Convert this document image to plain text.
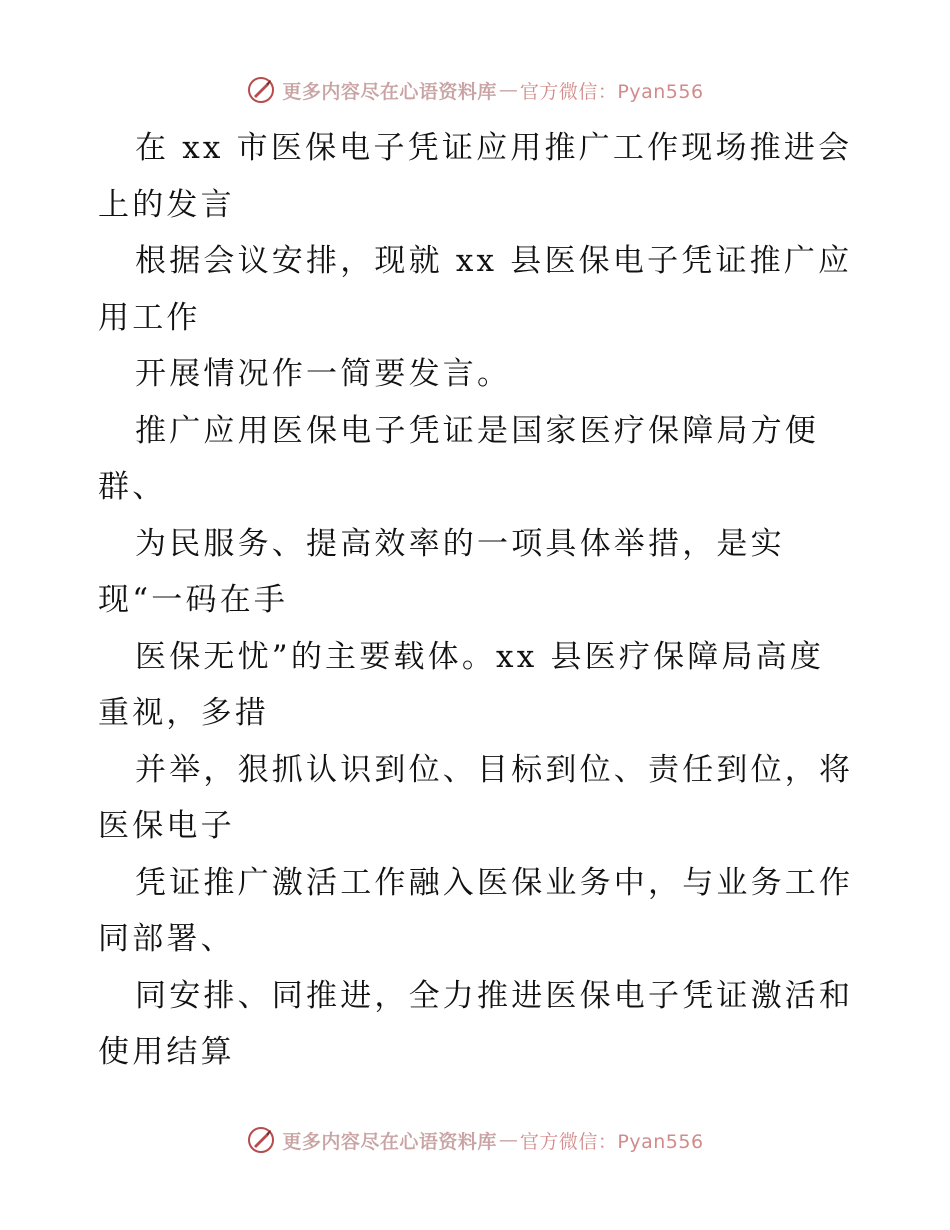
更多内容尽在心语资料库 — 官方微信：Pyan556
在 xx 市医保电子凭证应用推广工作现场推进会
上的发言
根据会议安排，现就 xx 县医保电子凭证推广应
用工作
开展情况作一简要发言。
推广应用医保电子凭证是国家医疗保障局方便
群、
为民服务、提高效率的一项具体举措，是实
现“一码在手
医保无忧”的主要载体。xx 县医疗保障局高度
重视，多措
并举，狠抓认识到位、目标到位、责任到位，将
医保电子
凭证推广激活工作融入医保业务中，与业务工作
同部署、
同安排、同推进，全力推进医保电子凭证激活和
使用结算
更多内容尽在心语资料库 — 官方微信：Pyan556
